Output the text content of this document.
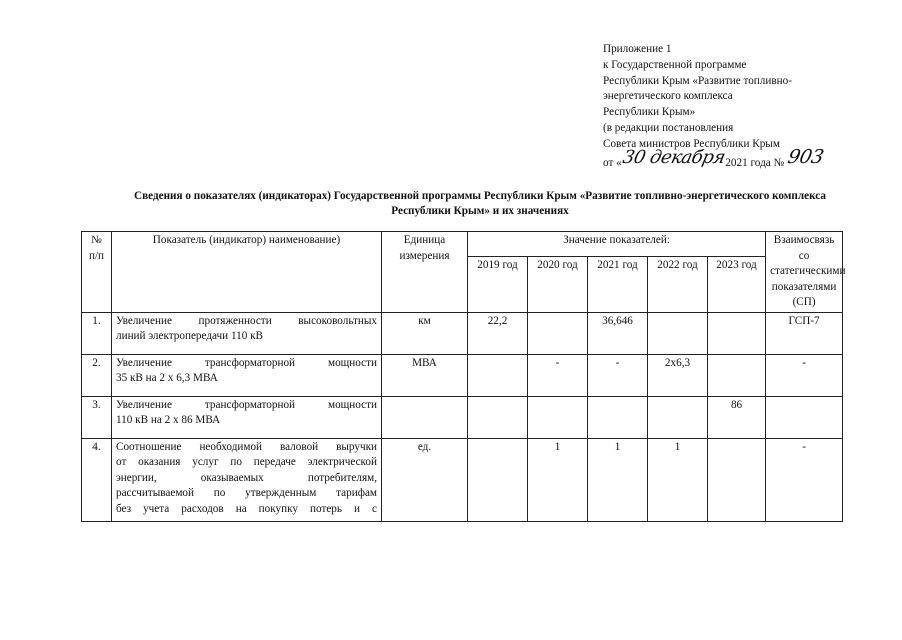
Приложение 1
к Государственной программе
Республики Крым «Развитие топливно-
энергетического комплекса
Республики Крым»
(в редакции постановления
Совета министров Республики Крым
от «30 декабря2021 года №903
Сведения о показателях (индикаторах) Государственной программы Республики Крым «Развитие топливно-энергетического комплекса
Республики Крым» и их значениях
№ п/п	Показатель (индикатор) наименование)	Единица измерения	Значение показателей:					Взаимосвязь со статегическими показателями (СП)
			2019 год	2020 год	2021 год	2022 год	2023 год	
1.	Увеличение протяженности высоковольтных
линий электропередачи 110 кВ	км	22,2		36,646			ГСП-7
2.	Увеличение трансформаторной мощности
35 кВ на 2 х 6,3 МВА	МВА		-	-	2х6,3		-
3.	Увеличение трансформаторной мощности
110 кВ на 2 х 86 МВА						86	
4.	Соотношение необходимой валовой выручки
от оказания услуг по передаче электрической
энергии, оказываемых потребителям,
рассчитываемой по утвержденным тарифам
без учета расходов на покупку потерь и с	ед.		1	1	1		-
